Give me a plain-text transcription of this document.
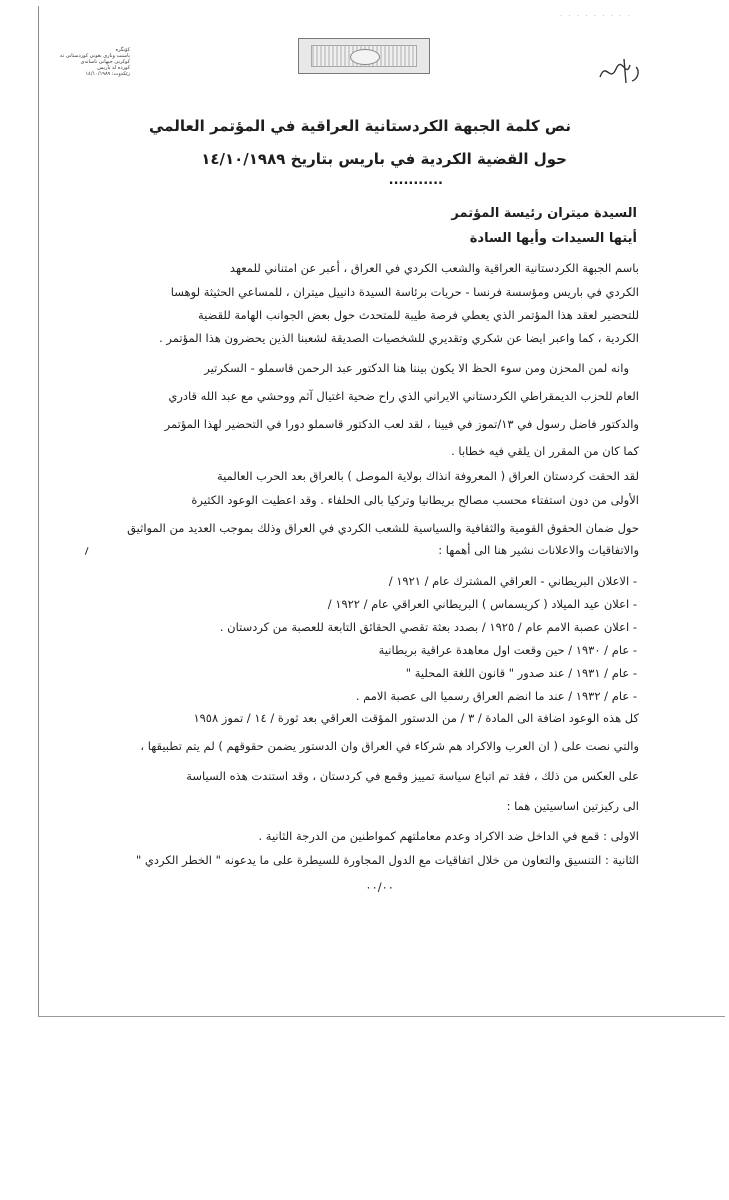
· · · · · · · · ·
کۆنگرە
پاسنت ونارى بغوتى كوردستانى تە كوکرنی جیهانی ناسانەی
کوردە لە پاریس
رێکەوت: ١٤/١٠/١٩٨٩
نص كلمة الجبهة الكردستانية العراقية في المؤتمر العالمي
حول القضية الكردية في باريس بتاريخ ١٤/١٠/١٩٨٩
...........
السيدة ميتران رئيسة المؤتمر
أيتها السيدات وأيها السادة
باسم الجبهة الكردستانية العراقية والشعب الكردي في العراق ، أعبر عن امتناني للمعهد
الكردي في باريس ومؤسسة فرنسا - حريات برئاسة السيدة دانييل ميتران ، للمساعي الحثيثة لوهسا
للتحضير لعقد هذا المؤتمر الذي يعطي فرصة طيبة للمتحدث حول بعض الجوانب الهامة للقضية
الكردية ، كما واعبر ايضا عن شكري وتقديري للشخصيات الصديقة لشعبنا الذين يحضرون هذا المؤتمر .
وانه لمن المحزن ومن سوء الحظ الا يكون بيننا هنا الدكتور عبد الرحمن قاسملو - السكرتير
العام للحزب الديمقراطي الكردستاني الايراني الذي راح ضحية اغتيال آثم ووحشي مع عبد الله قادري
والدكتور فاضل رسول في ١٣/تموز في فيينا ، لقد لعب الدكتور قاسملو دورا في التحضير لهذا المؤتمر
كما كان من المقرر ان يلقي فيه خطابا .
لقد الحقت كردستان العراق ( المعروفة انذاك بولاية الموصل ) بالعراق بعد الحرب العالمية
الأولى من دون استفتاء محسب مصالح بريطانيا وتركيا بالى الحلفاء . وقد اعطيت الوعود الكثيرة
حول ضمان الحقوق القومية والثقافية والسياسية للشعب الكردي في العراق وذلك بموجب العديد من المواثيق
والاتفاقيات والاعلانات نشير هنا الى أهمها :
- الاعلان البريطاني - العراقي المشترك عام / ١٩٢١ /
- اعلان عيد الميلاد ( كريسماس ) البريطاني العراقي عام / ١٩٢٢ /
- اعلان عصبة الامم عام / ١٩٢٥ / بصدد بعثة تقصي الحقائق التابعة للعصبة من كردستان .
- عام / ١٩٣٠ / حين وقعت اول معاهدة عراقية بريطانية
- عام / ١٩٣١ / عند صدور " قانون اللغة المحلية "
- عام / ١٩٣٢ / عند ما انضم العراق رسميا الى عصبة الامم .
كل هذه الوعود اضافة الى المادة / ٣ / من الدستور المؤقت العراقي بعد ثورة / ١٤ / تموز ١٩٥٨
والتي نصت على ( ان العرب والاكراد هم شركاء في العراق وان الدستور يضمن حقوقهم ) لم يتم تطبيقها ،
على العكس من ذلك ، فقد تم اتباع سياسة تمييز وقمع في كردستان ، وقد استندت هذه السياسة
الى ركيزتين اساسيتين هما :
الاولى : قمع في الداخل ضد الاكراد وعدم معاملتهم كمواطنين من الدرجة الثانية .
الثانية : التنسيق والتعاون من خلال اتفاقيات مع الدول المجاورة للسيطرة على ما يدعونه " الخطر الكردي "
٠٠/٠٠
